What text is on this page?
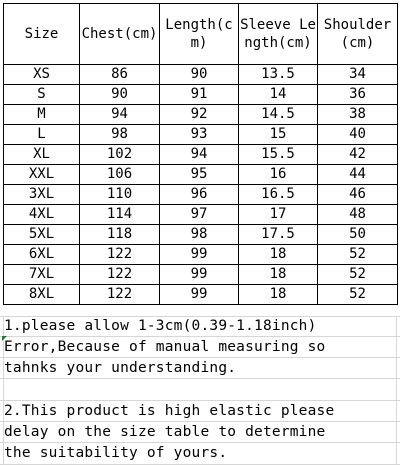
Size	Chest(cm)	Length(cm)	Sleeve Length(cm)	Shoulder(cm)
XS	86	90	13.5	34
S	90	91	14	36
M	94	92	14.5	38
L	98	93	15	40
XL	102	94	15.5	42
XXL	106	95	16	44
3XL	110	96	16.5	46
4XL	114	97	17	48
5XL	118	98	17.5	50
6XL	122	99	18	52
7XL	122	99	18	52
8XL	122	99	18	52
1.please allow 1-3cm(0.39-1.18inch)
Error,Because of manual measuring so
tahnks your understanding.
2.This product is high elastic please
delay on the size table to determine
the suitability of yours.
